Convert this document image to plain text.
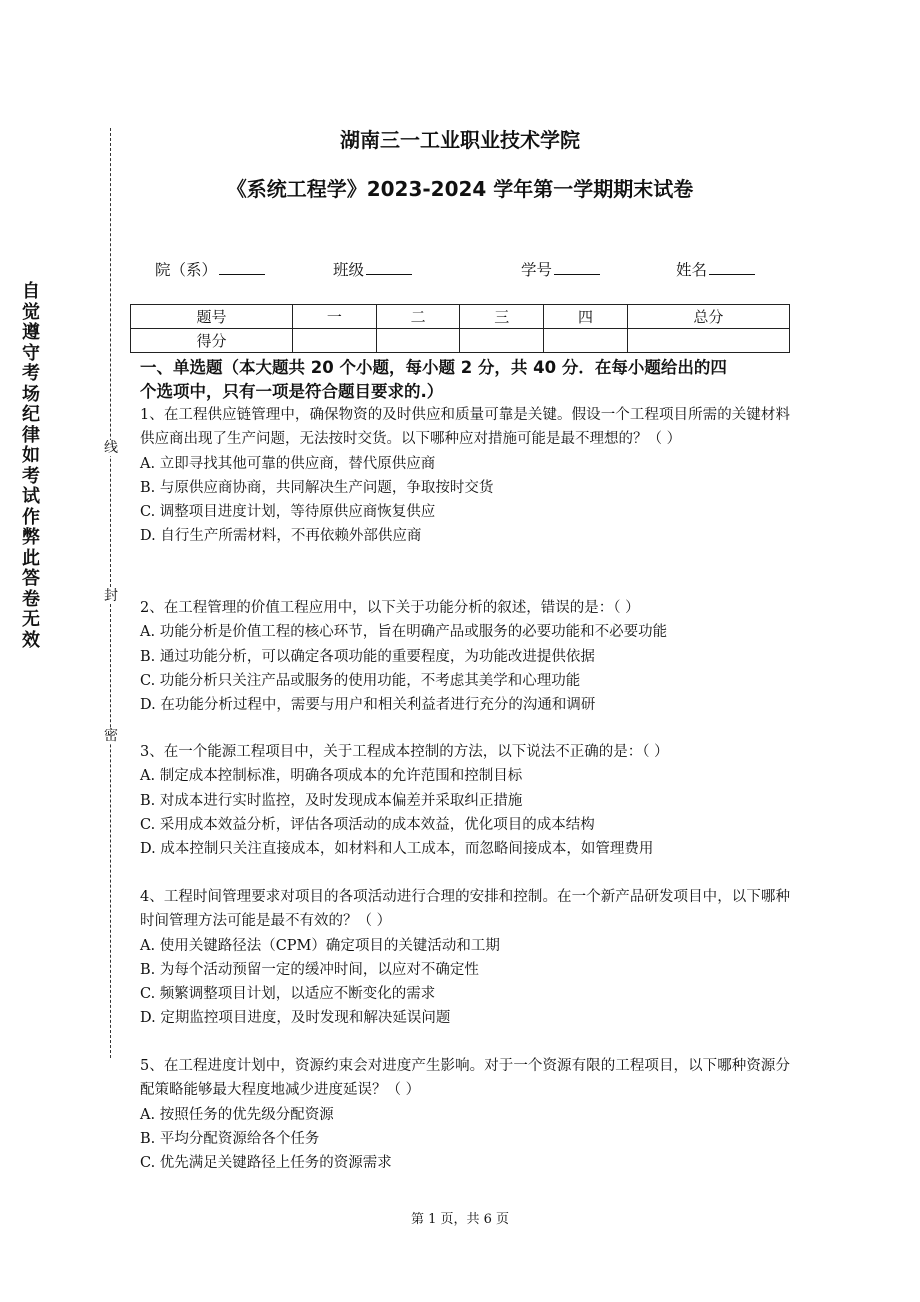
自
觉
遵
守
考
场
纪
律
如
考
试
作
弊
此
答
卷
无
效
线
封
密
湖南三一工业职业技术学院
《系统工程学》2023-2024 学年第一学期期末试卷
院（系）	班级	学号	姓名
题号	一	二	三	四	总分
得分					
一、单选题（本大题共 20 个小题，每小题 2 分，共 40 分．在每小题给出的四
个选项中，只有一项是符合题目要求的.）

1、在工程供应链管理中，确保物资的及时供应和质量可靠是关键。假设一个工程项目所需的关键材料供应商出现了生产问题，无法按时交货。以下哪种应对措施可能是最不理想的？（ ）

A. 立即寻找其他可靠的供应商，替代原供应商

B. 与原供应商协商，共同解决生产问题，争取按时交货

C. 调整项目进度计划，等待原供应商恢复供应

D. 自行生产所需材料，不再依赖外部供应商

2、在工程管理的价值工程应用中，以下关于功能分析的叙述，错误的是：（ ）

A. 功能分析是价值工程的核心环节，旨在明确产品或服务的必要功能和不必要功能

B. 通过功能分析，可以确定各项功能的重要程度，为功能改进提供依据

C. 功能分析只关注产品或服务的使用功能，不考虑其美学和心理功能

D. 在功能分析过程中，需要与用户和相关利益者进行充分的沟通和调研

3、在一个能源工程项目中，关于工程成本控制的方法，以下说法不正确的是：（ ）

A. 制定成本控制标准，明确各项成本的允许范围和控制目标

B. 对成本进行实时监控，及时发现成本偏差并采取纠正措施

C. 采用成本效益分析，评估各项活动的成本效益，优化项目的成本结构

D. 成本控制只关注直接成本，如材料和人工成本，而忽略间接成本，如管理费用

4、工程时间管理要求对项目的各项活动进行合理的安排和控制。在一个新产品研发项目中，以下哪种时间管理方法可能是最不有效的？（ ）

A. 使用关键路径法（CPM）确定项目的关键活动和工期

B. 为每个活动预留一定的缓冲时间，以应对不确定性

C. 频繁调整项目计划，以适应不断变化的需求

D. 定期监控项目进度，及时发现和解决延误问题

5、在工程进度计划中，资源约束会对进度产生影响。对于一个资源有限的工程项目，以下哪种资源分配策略能够最大程度地减少进度延误？（ ）

A. 按照任务的优先级分配资源

B. 平均分配资源给各个任务

C. 优先满足关键路径上任务的资源需求

第 1 页，共 6 页
